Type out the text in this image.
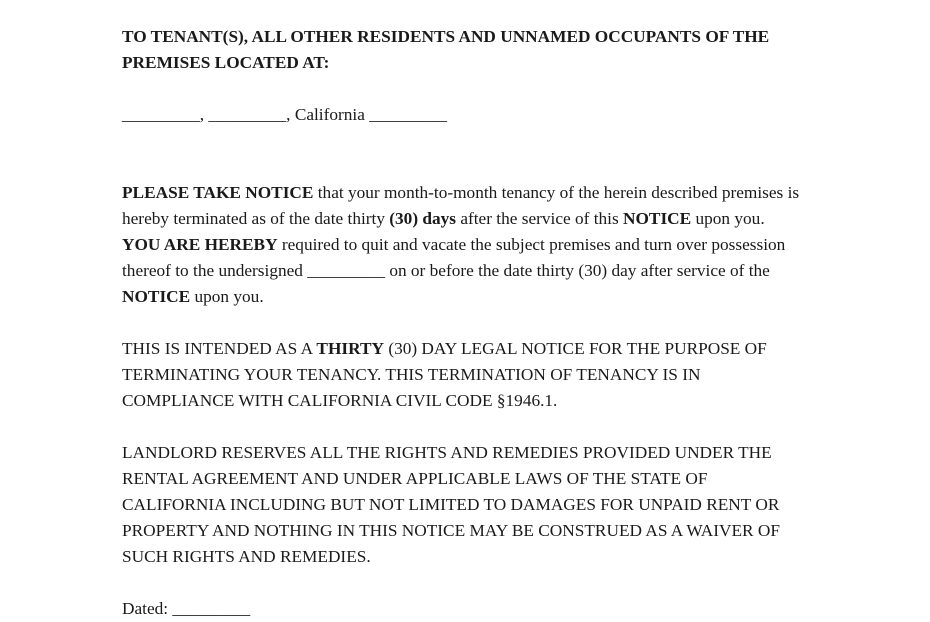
TO TENANT(S), ALL OTHER RESIDENTS AND UNNAMED OCCUPANTS OF THE PREMISES LOCATED AT:

_________, _________, California _________

PLEASE TAKE NOTICE that your month-to-month tenancy of the herein described premises is hereby terminated as of the date thirty (30) days after the service of this NOTICE upon you. YOU ARE HEREBY required to quit and vacate the subject premises and turn over possession thereof to the undersigned _________ on or before the date thirty (30) day after service of the NOTICE upon you.

THIS IS INTENDED AS A THIRTY (30) DAY LEGAL NOTICE FOR THE PURPOSE OF TERMINATING YOUR TENANCY. THIS TERMINATION OF TENANCY IS IN COMPLIANCE WITH CALIFORNIA CIVIL CODE §1946.1.

LANDLORD RESERVES ALL THE RIGHTS AND REMEDIES PROVIDED UNDER THE RENTAL AGREEMENT AND UNDER APPLICABLE LAWS OF THE STATE OF CALIFORNIA INCLUDING BUT NOT LIMITED TO DAMAGES FOR UNPAID RENT OR PROPERTY AND NOTHING IN THIS NOTICE MAY BE CONSTRUED AS A WAIVER OF SUCH RIGHTS AND REMEDIES.

Dated: _________
